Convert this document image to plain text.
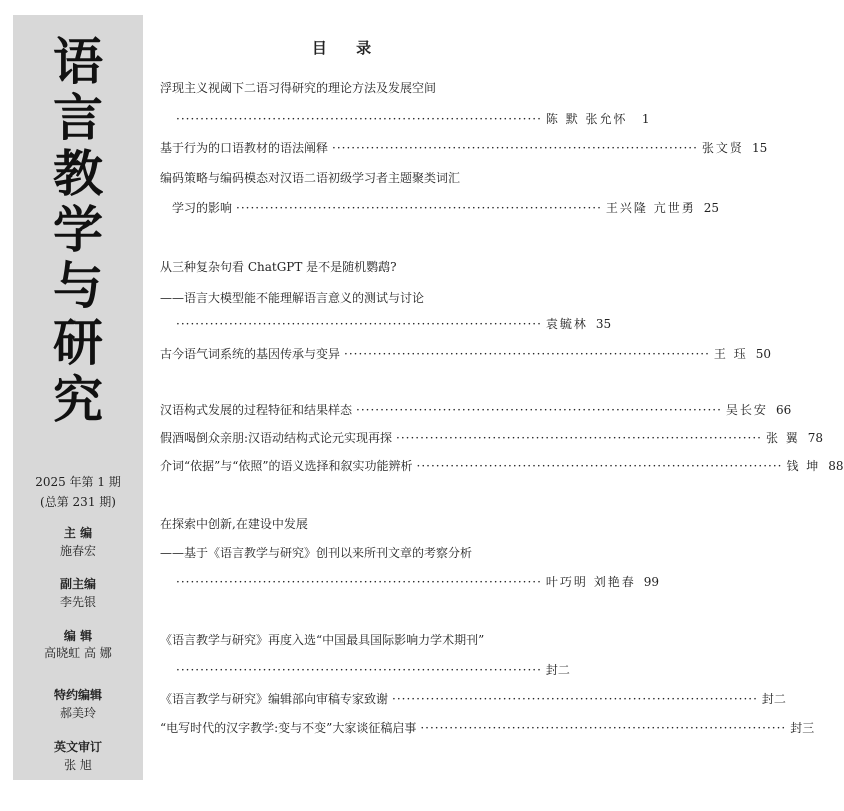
语
言
教
学
与
研
究
2025 年第 1 期
(总第 231 期)
主 编
施春宏
副主编
李先银
编 辑
高晓虹 高 娜
特约编辑
郝美玲
英文审订
张 旭
目 录
浮现主义视阈下二语习得研究的理论方法及发展空间
············································································ 陈 默 张允怀	1
基于行为的口语教材的语法阐释 ············································································ 张文贤 15
编码策略与编码模态对汉语二语初级学习者主题聚类词汇
学习的影响 ············································································ 王兴隆 亢世勇 25
从三种复杂句看 ChatGPT 是不是随机鹦鹉?
——语言大模型能不能理解语言意义的测试与讨论
············································································ 袁毓林 35
古今语气词系统的基因传承与变异 ············································································ 王 珏 50
汉语构式发展的过程特征和结果样态 ············································································ 吴长安 66
假酒喝倒众亲朋:汉语动结构式论元实现再探 ············································································ 张 翼 78
介词“依据”与“依照”的语义选择和叙实功能辨析 ············································································ 钱 坤 88
在探索中创新,在建设中发展
——基于《语言教学与研究》创刊以来所刊文章的考察分析
············································································ 叶巧明 刘艳春 99
《语言教学与研究》再度入选“中国最具国际影响力学术期刊”
············································································ 封二
《语言教学与研究》编辑部向审稿专家致谢 ············································································ 封二
“电写时代的汉字教学:变与不变”大家谈征稿启事 ············································································ 封三
